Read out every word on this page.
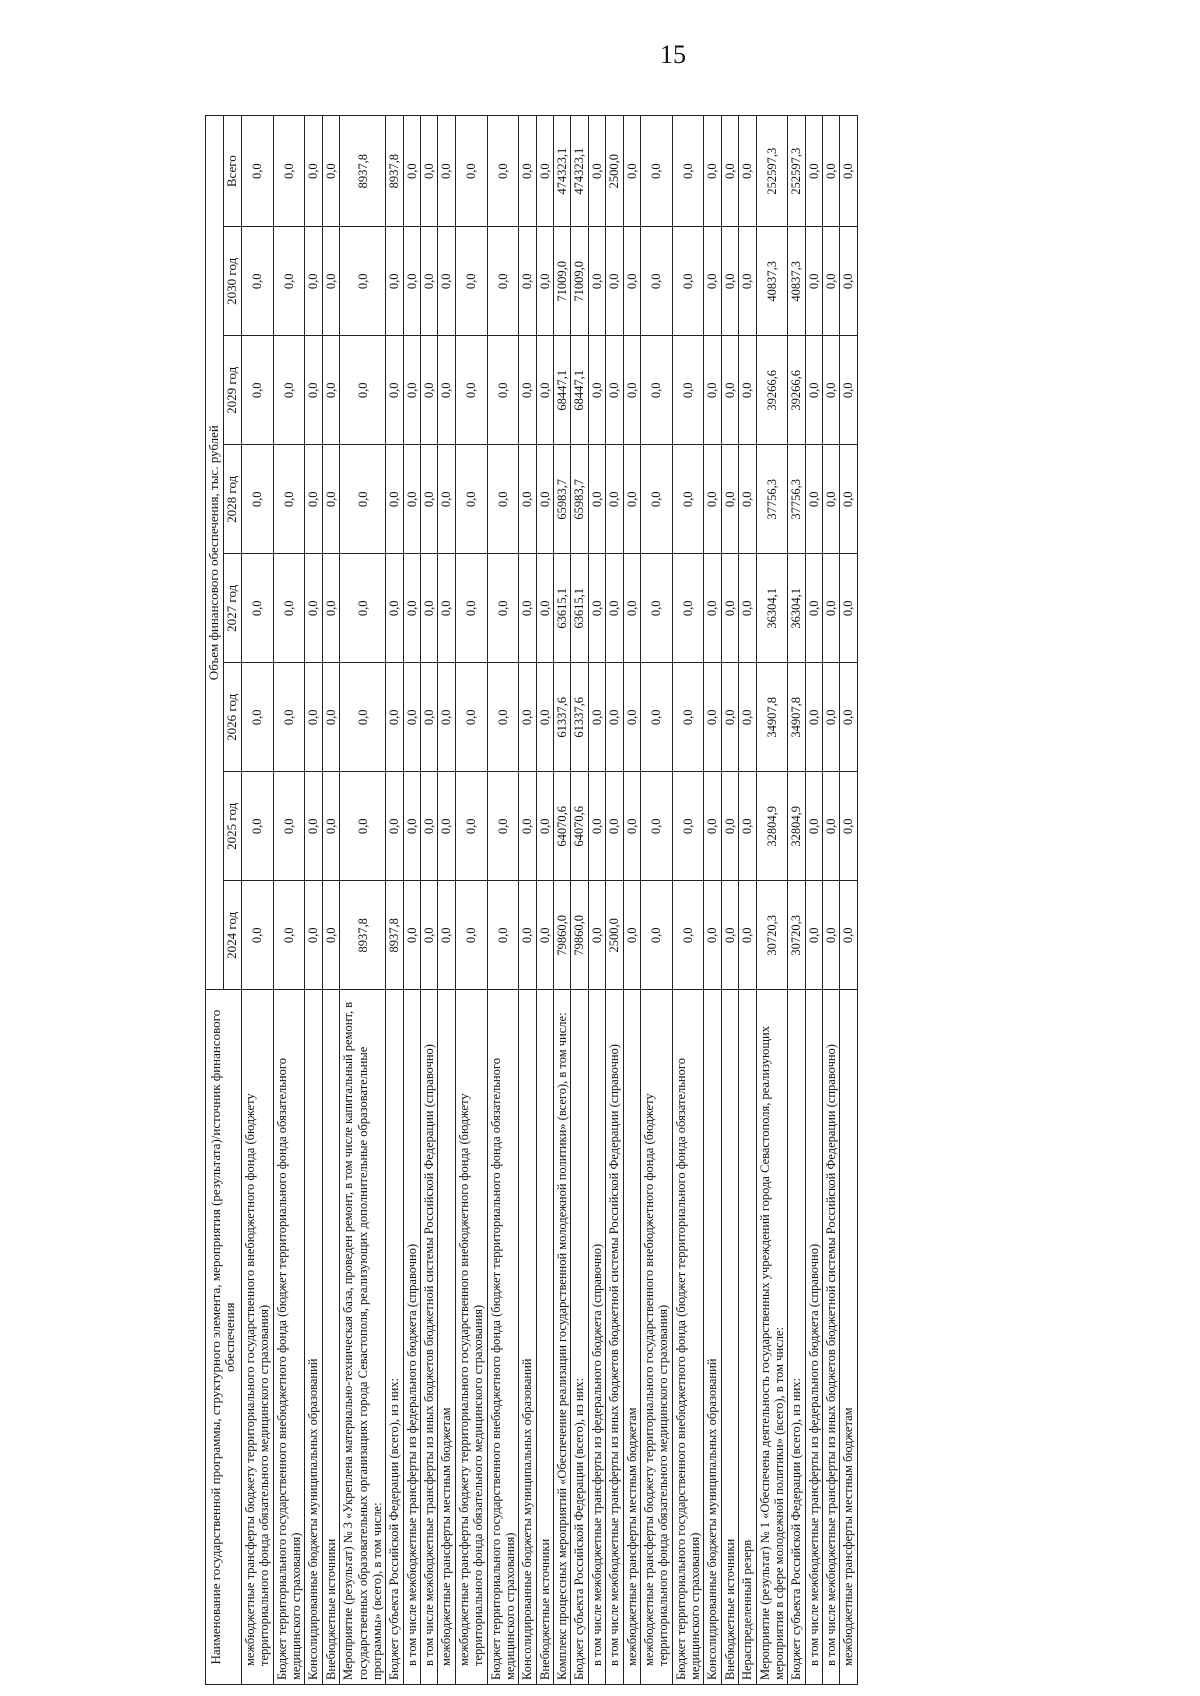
15
Наименование государственной программы, структурного элемента, мероприятия (результата)/источник финансового обеспечения	Объем финансового обеспечения, тыс. рублей							
	2024 год	2025 год	2026 год	2027 год	2028 год	2029 год	2030 год	Всего
межбюджетные трансферты бюджету территориального государственного внебюджетного фонда (бюджету территориального фонда обязательного медицинского страхования)	0,0	0,0	0,0	0,0	0,0	0,0	0,0	0,0
Бюджет территориального государственного внебюджетного фонда (бюджет территориального фонда обязательного медицинского страхования)	0,0	0,0	0,0	0,0	0,0	0,0	0,0	0,0
Консолидированные бюджеты муниципальных образований	0,0	0,0	0,0	0,0	0,0	0,0	0,0	0,0
Внебюджетные источники	0,0	0,0	0,0	0,0	0,0	0,0	0,0	0,0
Мероприятие (результат) № 3 «Укреплена материально-техническая база, проведен ремонт, в том числе капитальный ремонт, в государственных образовательных организациях города Севастополя, реализующих дополнительные образовательные программы» (всего), в том числе:	8937,8	0,0	0,0	0,0	0,0	0,0	0,0	8937,8
Бюджет субъекта Российской Федерации (всего), из них:	8937,8	0,0	0,0	0,0	0,0	0,0	0,0	8937,8
в том числе межбюджетные трансферты из федерального бюджета (справочно)	0,0	0,0	0,0	0,0	0,0	0,0	0,0	0,0
в том числе межбюджетные трансферты из иных бюджетов бюджетной системы Российской Федерации (справочно)	0,0	0,0	0,0	0,0	0,0	0,0	0,0	0,0
межбюджетные трансферты местным бюджетам	0,0	0,0	0,0	0,0	0,0	0,0	0,0	0,0
межбюджетные трансферты бюджету территориального государственного внебюджетного фонда (бюджету территориального фонда обязательного медицинского страхования)	0,0	0,0	0,0	0,0	0,0	0,0	0,0	0,0
Бюджет территориального государственного внебюджетного фонда (бюджет территориального фонда обязательного медицинского страхования)	0,0	0,0	0,0	0,0	0,0	0,0	0,0	0,0
Консолидированные бюджеты муниципальных образований	0,0	0,0	0,0	0,0	0,0	0,0	0,0	0,0
Внебюджетные источники	0,0	0,0	0,0	0,0	0,0	0,0	0,0	0,0
Комплекс процессных мероприятий «Обеспечение реализации государственной молодежной политики» (всего), в том числе:	79860,0	64070,6	61337,6	63615,1	65983,7	68447,1	71009,0	474323,1
Бюджет субъекта Российской Федерации (всего), из них:	79860,0	64070,6	61337,6	63615,1	65983,7	68447,1	71009,0	474323,1
в том числе межбюджетные трансферты из федерального бюджета (справочно)	0,0	0,0	0,0	0,0	0,0	0,0	0,0	0,0
в том числе межбюджетные трансферты из иных бюджетов бюджетной системы Российской Федерации (справочно)	2500,0	0,0	0,0	0,0	0,0	0,0	0,0	2500,0
межбюджетные трансферты местным бюджетам	0,0	0,0	0,0	0,0	0,0	0,0	0,0	0,0
межбюджетные трансферты бюджету территориального государственного внебюджетного фонда (бюджету территориального фонда обязательного медицинского страхования)	0,0	0,0	0,0	0,0	0,0	0,0	0,0	0,0
Бюджет территориального государственного внебюджетного фонда (бюджет территориального фонда обязательного медицинского страхования)	0,0	0,0	0,0	0,0	0,0	0,0	0,0	0,0
Консолидированные бюджеты муниципальных образований	0,0	0,0	0,0	0,0	0,0	0,0	0,0	0,0
Внебюджетные источники	0,0	0,0	0,0	0,0	0,0	0,0	0,0	0,0
Нераспределенный резерв	0,0	0,0	0,0	0,0	0,0	0,0	0,0	0,0
Мероприятие (результат) № 1 «Обеспечена деятельность государственных учреждений города Севастополя, реализующих мероприятия в сфере молодежной политики» (всего), в том числе:	30720,3	32804,9	34907,8	36304,1	37756,3	39266,6	40837,3	252597,3
Бюджет субъекта Российской Федерации (всего), из них:	30720,3	32804,9	34907,8	36304,1	37756,3	39266,6	40837,3	252597,3
в том числе межбюджетные трансферты из федерального бюджета (справочно)	0,0	0,0	0,0	0,0	0,0	0,0	0,0	0,0
в том числе межбюджетные трансферты из иных бюджетов бюджетной системы Российской Федерации (справочно)	0,0	0,0	0,0	0,0	0,0	0,0	0,0	0,0
межбюджетные трансферты местным бюджетам	0,0	0,0	0,0	0,0	0,0	0,0	0,0	0,0
